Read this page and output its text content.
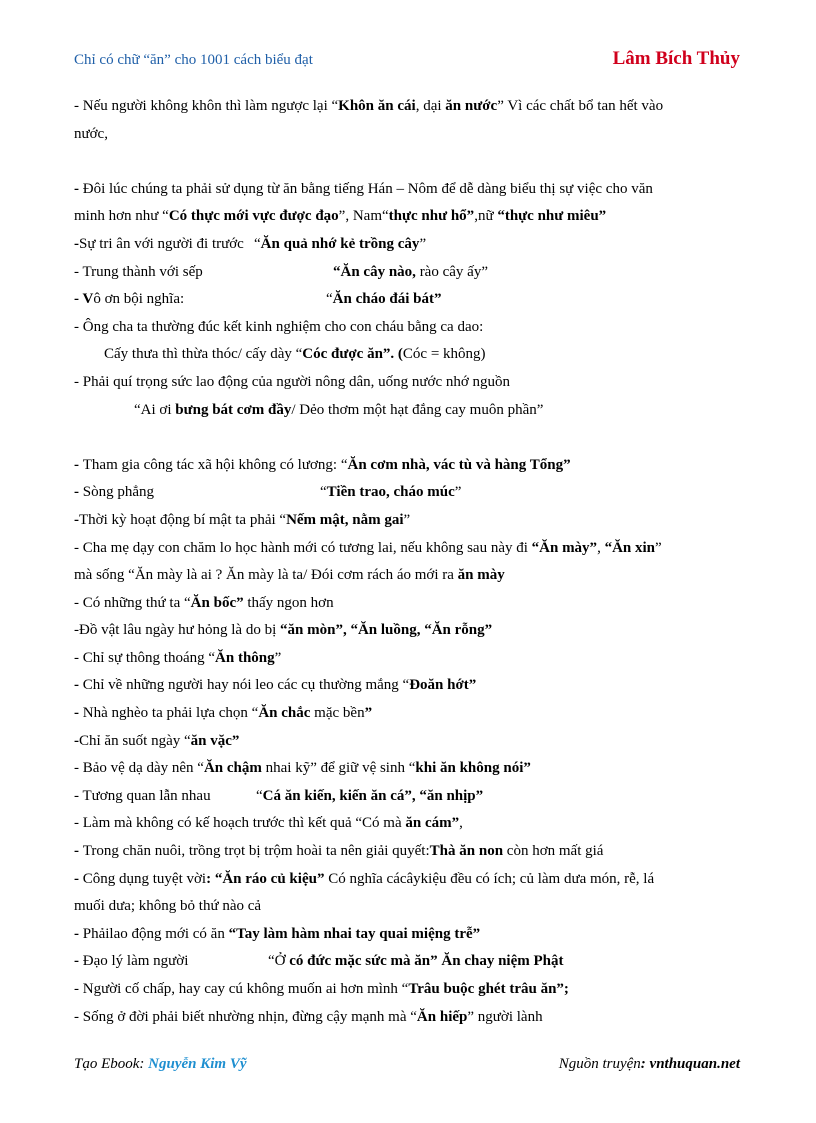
Chỉ có chữ “ăn” cho 1001 cách biểu đạt	Lâm Bích Thủy
- Nếu người không khôn thì làm ngược lại “Khôn ăn cái, dại ăn nước” Vì các chất bổ tan hết vào
nước,
- Đôi lúc chúng ta phải sử dụng từ ăn bằng tiếng Hán – Nôm để dễ dàng biểu thị sự việc cho văn
minh hơn như “Có thực mới vực được đạo”, Nam“thực như hổ”,nữ “thực như miêu”
-Sự tri ân với người đi trước “Ăn quả nhớ kẻ trồng cây”
- Trung thành với sếp	“Ăn cây nào, rào cây ấy”
- Vô ơn bội nghĩa:	“Ăn cháo đái bát”
- Ông cha ta thường đúc kết kinh nghiệm cho con cháu bằng ca dao:
Cấy thưa thì thừa thóc/ cấy dày “Cóc được ăn”. (Cóc = không)
- Phải quí trọng sức lao động của người nông dân, uống nước nhớ nguồn
“Ai ơi bưng bát cơm đầy/ Dẻo thơm một hạt đắng cay muôn phần”
- Tham gia công tác xã hội không có lương: “Ăn cơm nhà, vác tù và hàng Tổng”
- Sòng phẳng	“Tiền trao, cháo múc”
-Thời kỳ hoạt động bí mật ta phải “Nếm mật, nằm gai”
- Cha mẹ dạy con chăm lo học hành mới có tương lai, nếu không sau này đi “Ăn mày”, “Ăn xin”
mà sống “Ăn mày là ai ? Ăn mày là ta/ Đói cơm rách áo mới ra ăn mày
- Có những thứ ta “Ăn bốc” thấy ngon hơn
-Đồ vật lâu ngày hư hỏng là do bị “ăn mòn”, “Ăn luồng, “Ăn rỗng”
- Chỉ sự thông thoáng “Ăn thông”
- Chỉ về những người hay nói leo các cụ thường mắng “Đoăn hớt”
- Nhà nghèo ta phải lựa chọn “Ăn chắc mặc bền”
-Chỉ ăn suốt ngày “ăn vặc”
- Bảo vệ dạ dày nên “Ăn chậm nhai kỹ” để giữ vệ sinh “khi ăn không nói”
- Tương quan lẫn nhau	“Cá ăn kiến, kiến ăn cá”, “ăn nhịp”
- Làm mà không có kế hoạch trước thì kết quả “Có mà ăn cám”,
- Trong chăn nuôi, trồng trọt bị trộm hoài ta nên giải quyết:Thà ăn non còn hơn mất giá
- Công dụng tuyệt vời: “Ăn ráo củ kiệu” Có nghĩa cácâykiệu đều có ích; củ làm dưa món, rễ, lá
muối dưa; không bỏ thứ nào cả
- Phảilao động mới có ăn “Tay làm hàm nhai tay quai miệng trễ”
- Đạo lý làm người	“Ở có đức mặc sức mà ăn” Ăn chay niệm Phật
- Người cố chấp, hay cay cú không muốn ai hơn mình “Trâu buộc ghét trâu ăn”;
- Sống ở đời phải biết nhường nhịn, đừng cậy mạnh mà “Ăn hiếp” người lành
Tạo Ebook: Nguyễn Kim Vỹ	Nguồn truyện: vnthuquan.net
